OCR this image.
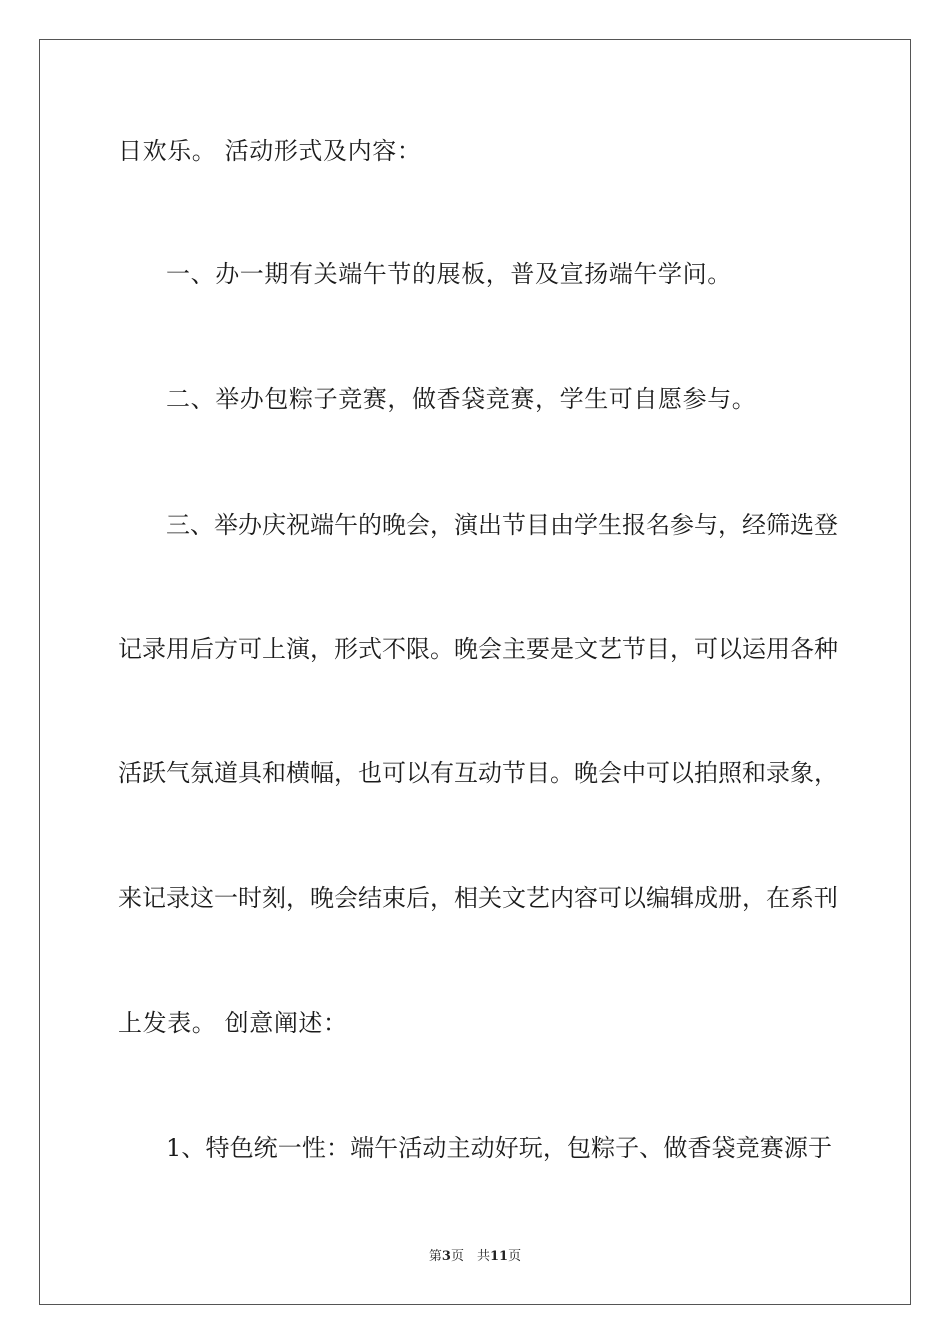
日欢乐。 活动形式及内容：
一、办一期有关端午节的展板，普及宣扬端午学问。
二、举办包粽子竞赛，做香袋竞赛，学生可自愿参与。
三、举办庆祝端午的晚会，演出节目由学生报名参与，经筛选登
记录用后方可上演，形式不限。晚会主要是文艺节目，可以运用各种
活跃气氛道具和横幅，也可以有互动节目。晚会中可以拍照和录象，
来记录这一时刻，晚会结束后，相关文艺内容可以编辑成册，在系刊
上发表。 创意阐述：
1、特色统一性：端午活动主动好玩，包粽子、做香袋竞赛源于
第3页　共11页
